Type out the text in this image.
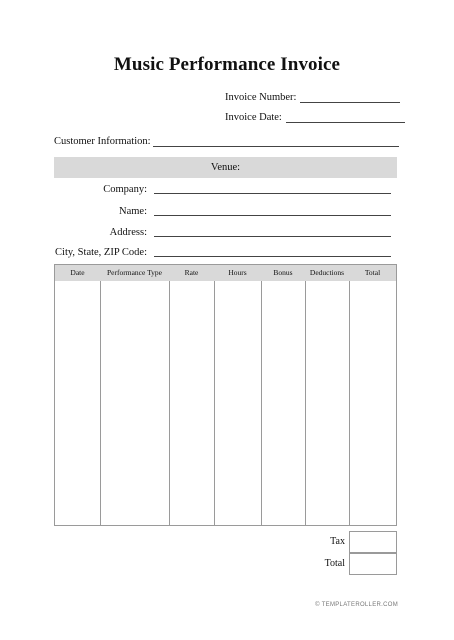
Music Performance Invoice
Invoice Number:
Invoice Date:
Customer Information:
Venue:
Company:
Name:
Address:
City, State, ZIP Code:
Date	Performance Type	Rate	Hours	Bonus	Deductions	Total
Tax
Total
© TEMPLATEROLLER.COM
